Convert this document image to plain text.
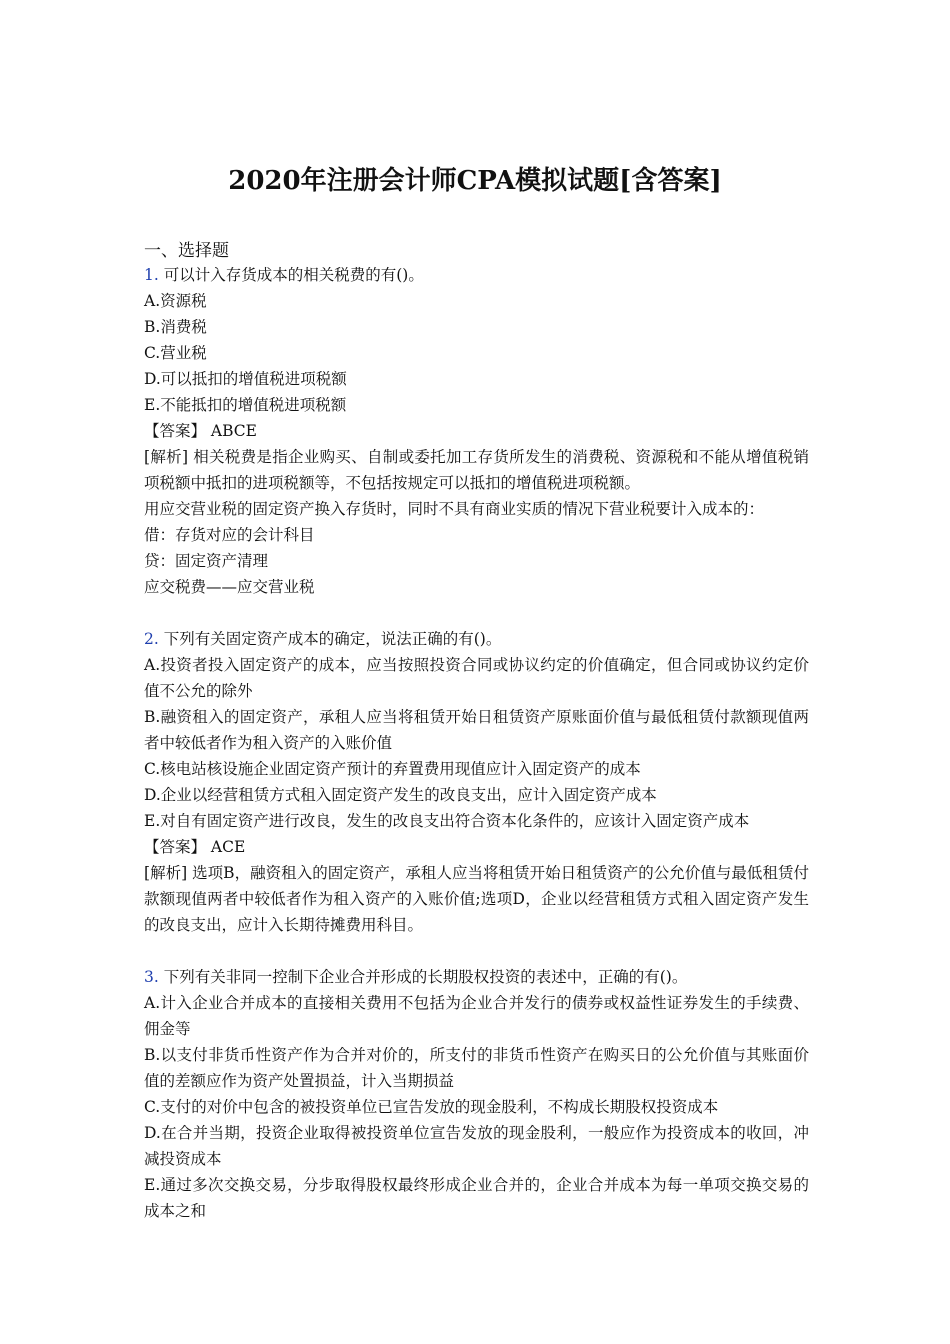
2020年注册会计师CPA模拟试题[含答案]

一、选择题

1. 可以计入存货成本的相关税费的有()。

A.资源税

B.消费税

C.营业税

D.可以抵扣的增值税进项税额

E.不能抵扣的增值税进项税额

【答案】 ABCE

[解析] 相关税费是指企业购买、自制或委托加工存货所发生的消费税、资源税和不能从增值税销项税额中抵扣的进项税额等，不包括按规定可以抵扣的增值税进项税额。

用应交营业税的固定资产换入存货时，同时不具有商业实质的情况下营业税要计入成本的：

借：存货对应的会计科目

贷：固定资产清理

应交税费——应交营业税

2. 下列有关固定资产成本的确定，说法正确的有()。

A.投资者投入固定资产的成本，应当按照投资合同或协议约定的价值确定，但合同或协议约定价值不公允的除外

B.融资租入的固定资产，承租人应当将租赁开始日租赁资产原账面价值与最低租赁付款额现值两者中较低者作为租入资产的入账价值

C.核电站核设施企业固定资产预计的弃置费用现值应计入固定资产的成本

D.企业以经营租赁方式租入固定资产发生的改良支出，应计入固定资产成本

E.对自有固定资产进行改良，发生的改良支出符合资本化条件的，应该计入固定资产成本

【答案】 ACE

[解析] 选项B，融资租入的固定资产，承租人应当将租赁开始日租赁资产的公允价值与最低租赁付款额现值两者中较低者作为租入资产的入账价值;选项D，企业以经营租赁方式租入固定资产发生的改良支出，应计入长期待摊费用科目。

3. 下列有关非同一控制下企业合并形成的长期股权投资的表述中，正确的有()。

A.计入企业合并成本的直接相关费用不包括为企业合并发行的债券或权益性证券发生的手续费、佣金等

B.以支付非货币性资产作为合并对价的，所支付的非货币性资产在购买日的公允价值与其账面价值的差额应作为资产处置损益，计入当期损益

C.支付的对价中包含的被投资单位已宣告发放的现金股利，不构成长期股权投资成本

D.在合并当期，投资企业取得被投资单位宣告发放的现金股利，一般应作为投资成本的收回，冲减投资成本

E.通过多次交换交易，分步取得股权最终形成企业合并的，企业合并成本为每一单项交换交易的成本之和
